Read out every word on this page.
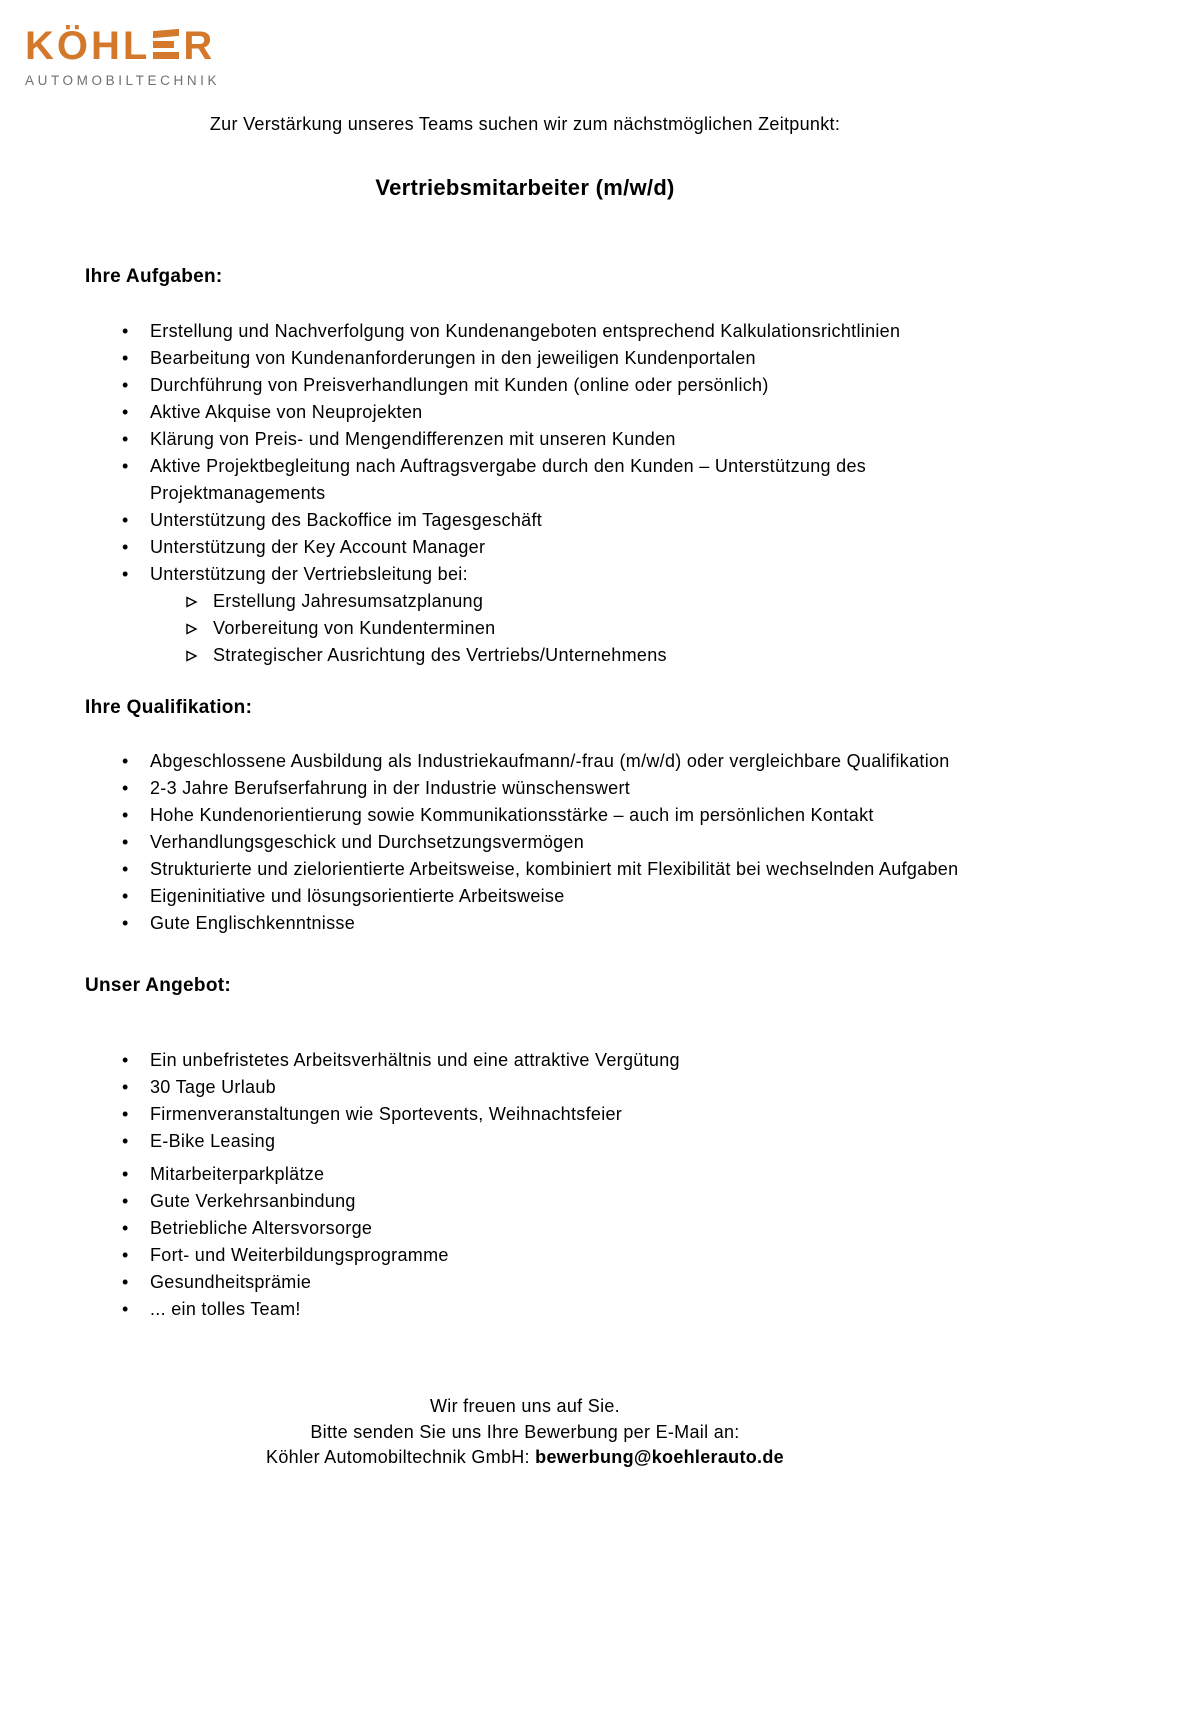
KÖHL R
AUTOMOBILTECHNIK

Zur Verstärkung unseres Teams suchen wir zum nächstmöglichen Zeitpunkt:

Vertriebsmitarbeiter (m/w/d)
Ihre Aufgaben:
• Erstellung und Nachverfolgung von Kundenangeboten entsprechend Kalkulationsrichtlinien
• Bearbeitung von Kundenanforderungen in den jeweiligen Kundenportalen
• Durchführung von Preisverhandlungen mit Kunden (online oder persönlich)
• Aktive Akquise von Neuprojekten
• Klärung von Preis- und Mengendifferenzen mit unseren Kunden
• Aktive Projektbegleitung nach Auftragsvergabe durch den Kunden – Unterstützung des Projektmanagements
• Unterstützung des Backoffice im Tagesgeschäft
• Unterstützung der Key Account Manager
• Unterstützung der Vertriebsleitung bei:
Erstellung Jahresumsatzplanung
Vorbereitung von Kundenterminen
Strategischer Ausrichtung des Vertriebs/Unternehmens
Ihre Qualifikation:
• Abgeschlossene Ausbildung als Industriekaufmann/-frau (m/w/d) oder vergleichbare Qualifikation
• 2-3 Jahre Berufserfahrung in der Industrie wünschenswert
• Hohe Kundenorientierung sowie Kommunikationsstärke – auch im persönlichen Kontakt
• Verhandlungsgeschick und Durchsetzungsvermögen
• Strukturierte und zielorientierte Arbeitsweise, kombiniert mit Flexibilität bei wechselnden Aufgaben
• Eigeninitiative und lösungsorientierte Arbeitsweise
• Gute Englischkenntnisse
Unser Angebot:
• Ein unbefristetes Arbeitsverhältnis und eine attraktive Vergütung
• 30 Tage Urlaub
• Firmenveranstaltungen wie Sportevents, Weihnachtsfeier
• E-Bike Leasing
• Mitarbeiterparkplätze
• Gute Verkehrsanbindung
• Betriebliche Altersvorsorge
• Fort- und Weiterbildungsprogramme
• Gesundheitsprämie
• ... ein tolles Team!

Wir freuen uns auf Sie.

Bitte senden Sie uns Ihre Bewerbung per E-Mail an:

Köhler Automobiltechnik GmbH: bewerbung@koehlerauto.de
